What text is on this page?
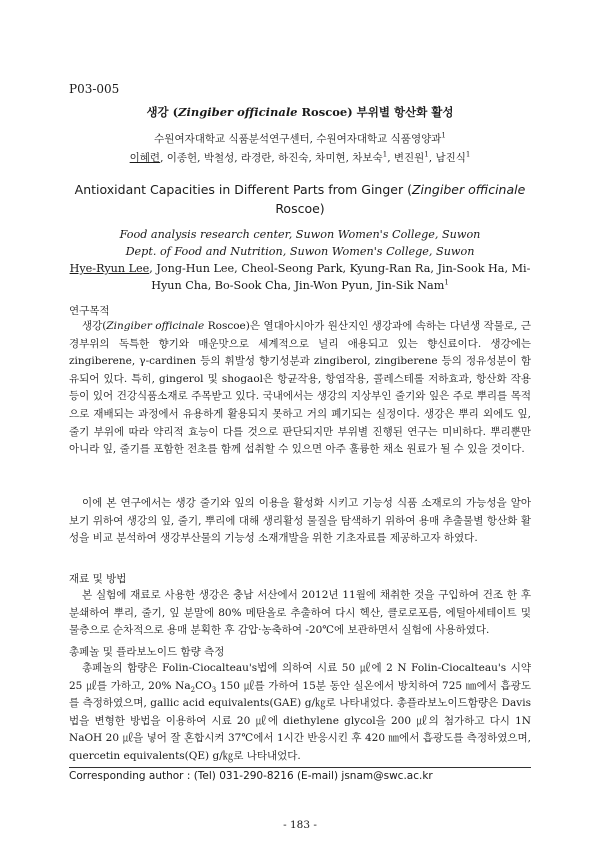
P03-005
생강 (Zingiber officinale Roscoe) 부위별 항산화 활성
수원여자대학교 식품분석연구센터, 수원여자대학교 식품영양과$^1$
이혜련, 이종헌, 박철성, 라경란, 하진숙, 차미현, 차보숙$^1$, 변진원$^1$, 남진식$^1$
Antioxidant Capacities in Different Parts from Ginger (Zingiber officinale Roscoe)
Food analysis research center, Suwon Women's College, Suwon
Dept. of Food and Nutrition, Suwon Women's College, Suwon
Hye-Ryun Lee, Jong-Hun Lee, Cheol-Seong Park, Kyung-Ran Ra, Jin-Sook Ha, Mi-Hyun Cha, Bo-Sook Cha, Jin-Won Pyun, Jin-Sik Nam$^1$
연구목적
생강(Zingiber officinale Roscoe)은 열대아시아가 원산지인 생강과에 속하는 다년생 작물로, 근경부위의 독특한 향기와 매운맛으로 세계적으로 널리 애용되고 있는 향신료이다. 생강에는 zingiberene, γ-cardinen 등의 휘발성 향기성분과 zingiberol, zingiberene 등의 정유성분이 함유되어 있다. 특히, gingerol 및 shogaol은 항균작용, 항염작용, 콜레스테롤 저하효과, 항산화 작용 등이 있어 건강식품소재로 주목받고 있다. 국내에서는 생강의 지상부인 줄기와 잎은 주로 뿌리를 목적으로 재배되는 과정에서 유용하게 활용되지 못하고 거의 폐기되는 실정이다. 생강은 뿌리 외에도 잎, 줄기 부위에 따라 약리적 효능이 다를 것으로 판단되지만 부위별 진행된 연구는 미비하다. 뿌리뿐만 아니라 잎, 줄기를 포함한 전초를 함께 섭취할 수 있으면 아주 훌륭한 채소 원료가 될 수 있을 것이다.
이에 본 연구에서는 생강 줄기와 잎의 이용을 활성화 시키고 기능성 식품 소재로의 가능성을 알아보기 위하여 생강의 잎, 줄기, 뿌리에 대해 생리활성 물질을 탐색하기 위하여 용매 추출물별 항산화 활성을 비교 분석하여 생강부산물의 기능성 소재개발을 위한 기초자료를 제공하고자 하였다.
재료 및 방법
본 실험에 재료로 사용한 생강은 충남 서산에서 2012년 11월에 채취한 것을 구입하여 건조 한 후 분쇄하여 뿌리, 줄기, 잎 분말에 80% 메탄올로 추출하여 다시 헥산, 클로로포름, 에틸아세테이트 및 물층으로 순차적으로 용매 분획한 후 감압·농축하여 -20℃에 보관하면서 실험에 사용하였다.
총페놀 및 플라보노이드 함량 측정
총페놀의 함량은 Folin-Ciocalteau's법에 의하여 시료 50 ㎕에 2 N Folin-Ciocalteau's 시약 25 ㎕를 가하고, 20% $Na_2CO_3$ 150 ㎕를 가하여 15분 동안 실온에서 방치하여 725 ㎚에서 흡광도를 측정하였으며, gallic acid equivalents(GAE) g/㎏로 나타내었다. 총플라보노이드함량은 Davis법을 변형한 방법을 이용하여 시료 20 ㎕에 diethylene glycol을 200 ㎕의 첨가하고 다시 1N NaOH 20 ㎕을 넣어 잘 혼합시켜 37℃에서 1시간 반응시킨 후 420 ㎚에서 흡광도를 측정하였으며, quercetin equivalents(QE) g/㎏로 나타내었다.
Corresponding author : (Tel) 031-290-8216 (E-mail) jsnam@swc.ac.kr
- 183 -
